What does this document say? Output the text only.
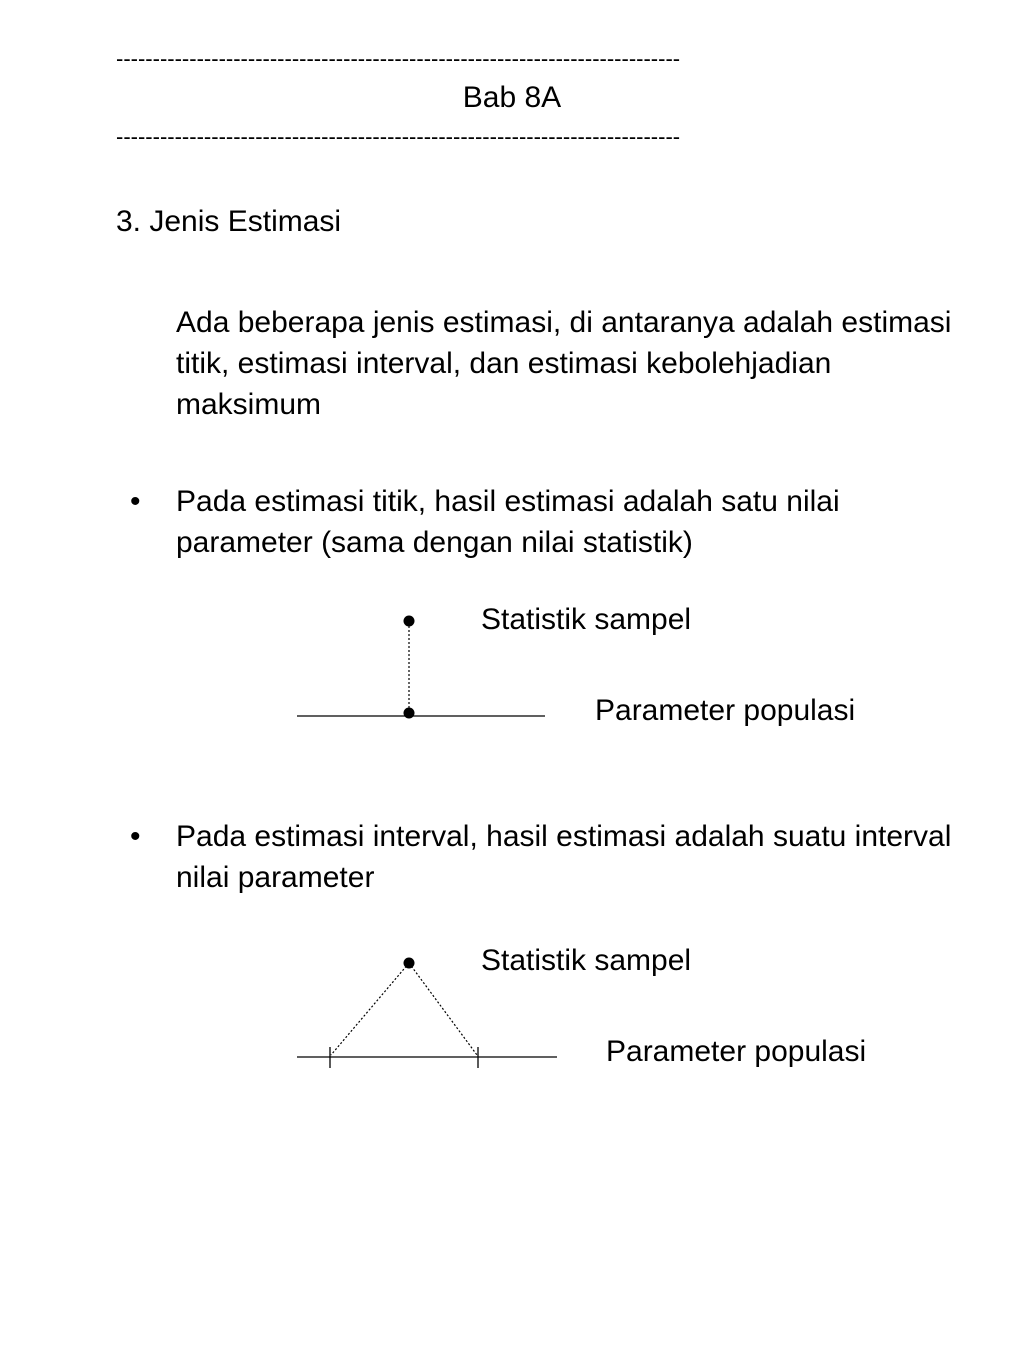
-----------------------------------------------------------------------------
Bab 8A
-----------------------------------------------------------------------------
3. Jenis Estimasi

Ada beberapa jenis estimasi, di antaranya adalah estimasi titik, estimasi interval, dan estimasi kebolehjadian maksimum

• Pada estimasi titik, hasil estimasi adalah satu nilai parameter (sama dengan nilai statistik)

Statistik sampel
Parameter populasi
• Pada estimasi interval, hasil estimasi adalah suatu interval nilai parameter

Statistik sampel
Parameter populasi
